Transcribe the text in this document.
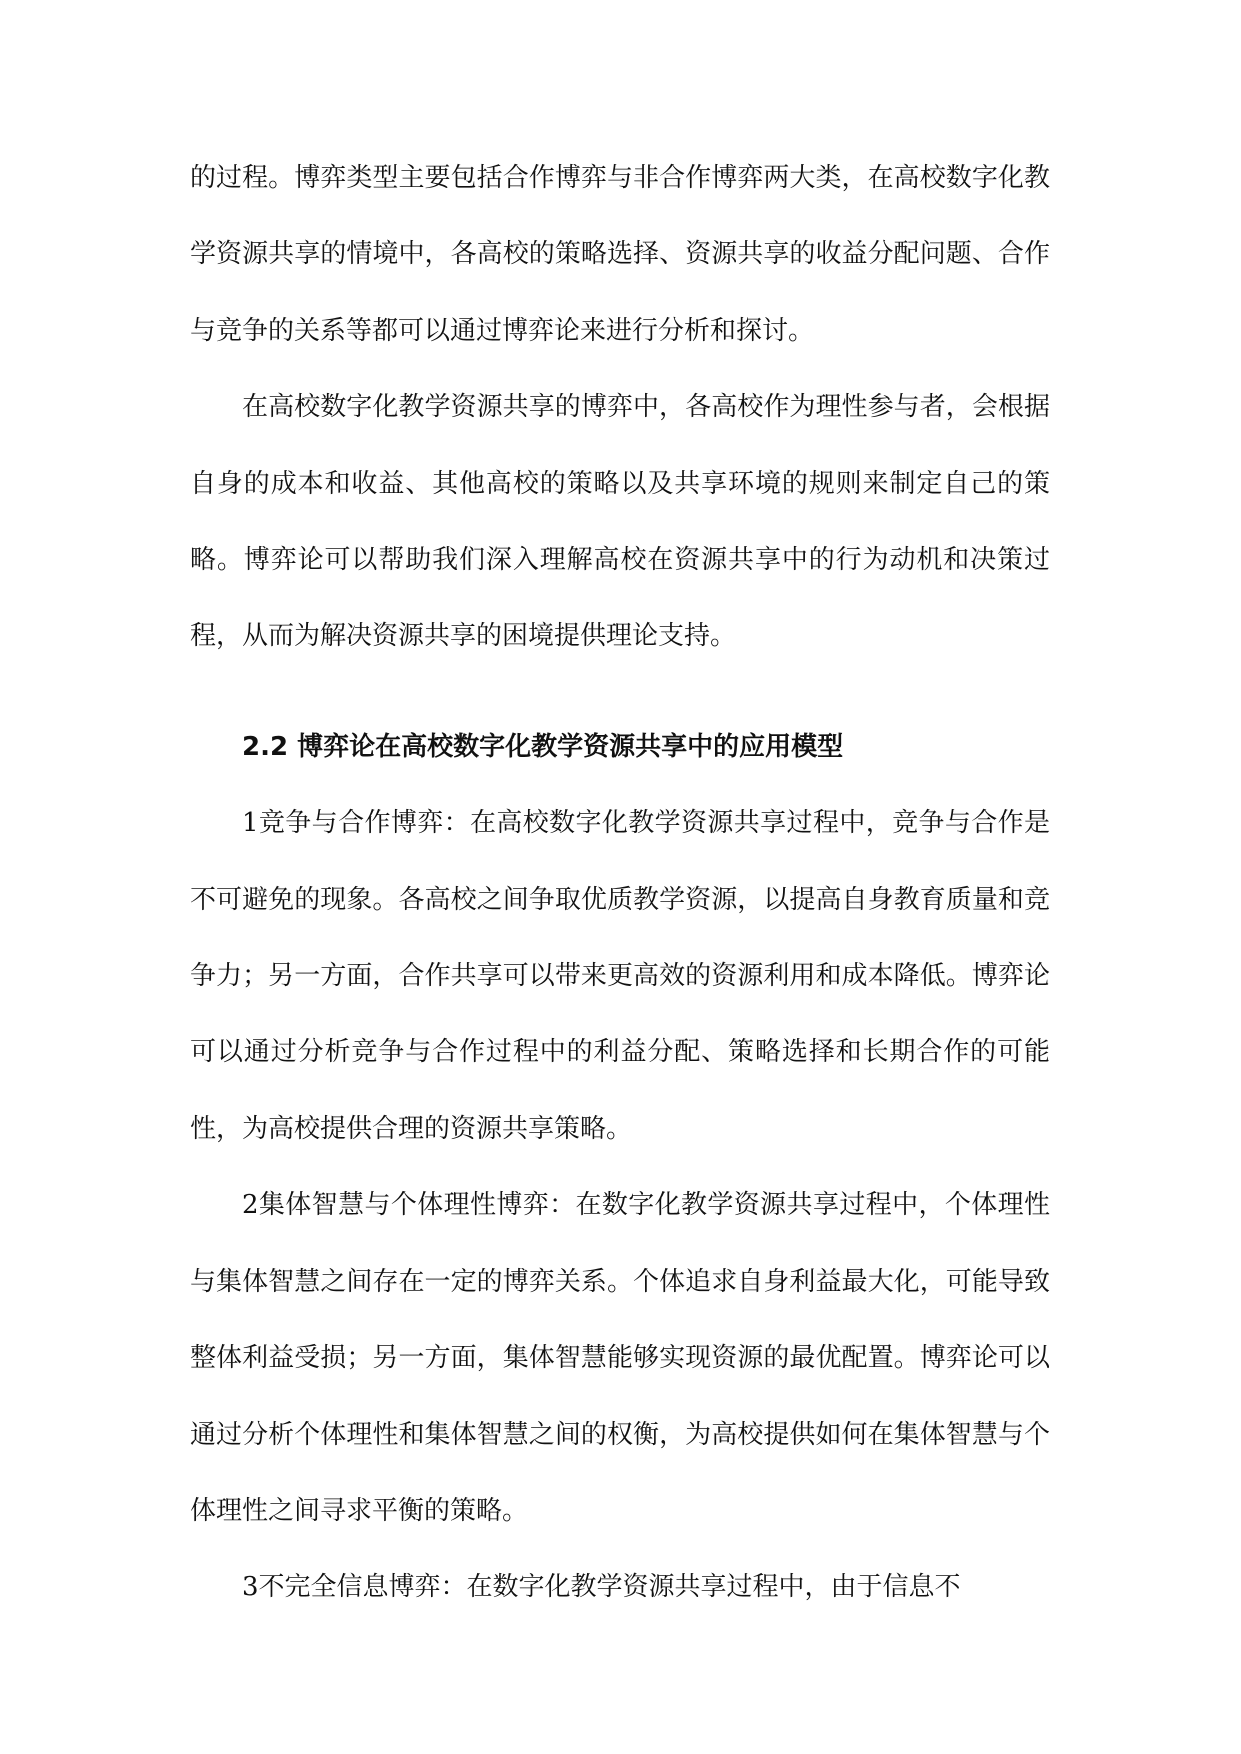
的过程。博弈类型主要包括合作博弈与非合作博弈两大类，在高校数字化教学资源共享的情境中，各高校的策略选择、资源共享的收益分配问题、合作与竞争的关系等都可以通过博弈论来进行分析和探讨。

在高校数字化教学资源共享的博弈中，各高校作为理性参与者，会根据自身的成本和收益、其他高校的策略以及共享环境的规则来制定自己的策略。博弈论可以帮助我们深入理解高校在资源共享中的行为动机和决策过程，从而为解决资源共享的困境提供理论支持。

2.2 博弈论在高校数字化教学资源共享中的应用模型

1竞争与合作博弈：在高校数字化教学资源共享过程中，竞争与合作是不可避免的现象。各高校之间争取优质教学资源，以提高自身教育质量和竞争力；另一方面，合作共享可以带来更高效的资源利用和成本降低。博弈论可以通过分析竞争与合作过程中的利益分配、策略选择和长期合作的可能性，为高校提供合理的资源共享策略。

2集体智慧与个体理性博弈：在数字化教学资源共享过程中，个体理性与集体智慧之间存在一定的博弈关系。个体追求自身利益最大化，可能导致整体利益受损；另一方面，集体智慧能够实现资源的最优配置。博弈论可以通过分析个体理性和集体智慧之间的权衡，为高校提供如何在集体智慧与个体理性之间寻求平衡的策略。

3不完全信息博弈：在数字化教学资源共享过程中，由于信息不
